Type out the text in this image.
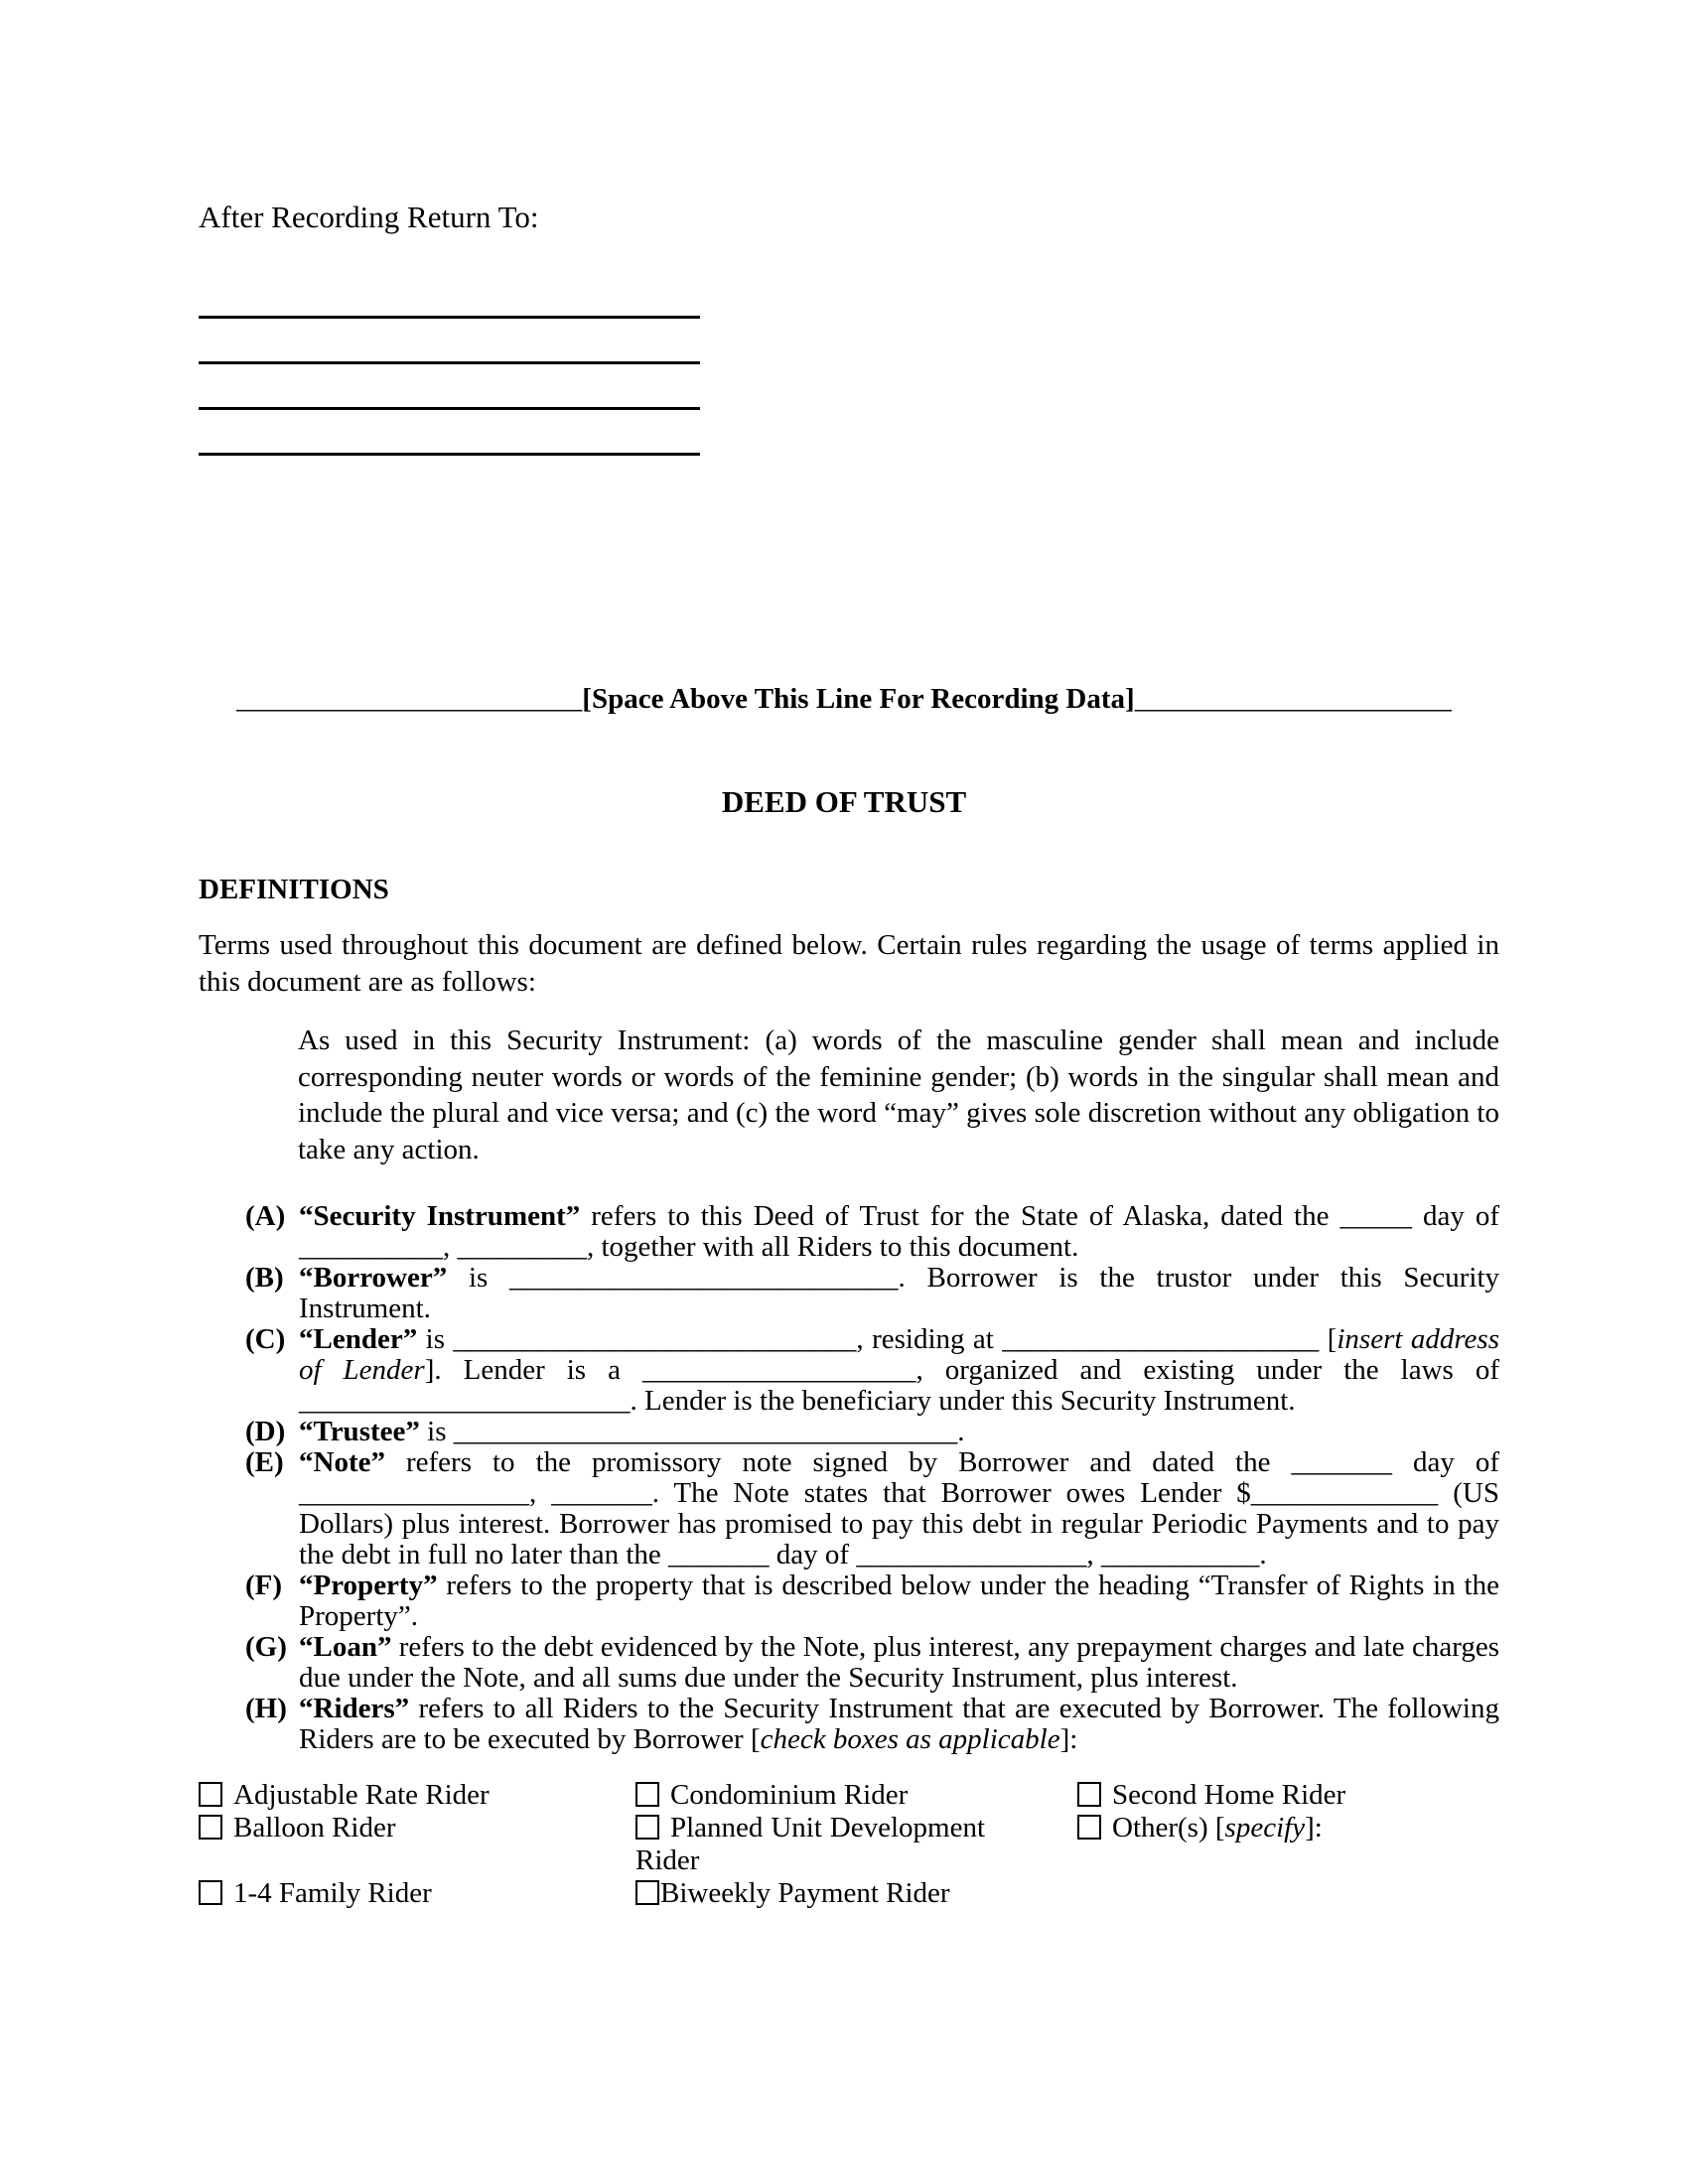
After Recording Return To:
________________________[Space Above This Line For Recording Data]______________________
DEED OF TRUST
DEFINITIONS

Terms used throughout this document are defined below. Certain rules regarding the usage of terms applied in this document are as follows:

As used in this Security Instrument: (a) words of the masculine gender shall mean and include corresponding neuter words or words of the feminine gender; (b) words in the singular shall mean and include the plural and vice versa; and (c) the word “may” gives sole discretion without any obligation to take any action.

(A) “Security Instrument” refers to this Deed of Trust for the State of Alaska, dated the _____ day of __________, _________, together with all Riders to this document.
(B) “Borrower” is ___________________________. Borrower is the trustor under this Security Instrument.
(C) “Lender” is ____________________________, residing at ______________________ [insert address of Lender]. Lender is a ___________________, organized and existing under the laws of _______________________. Lender is the beneficiary under this Security Instrument.
(D) “Trustee” is ___________________________________.
(E) “Note” refers to the promissory note signed by Borrower and dated the _______ day of ________________, _______. The Note states that Borrower owes Lender $_____________ (US Dollars) plus interest. Borrower has promised to pay this debt in regular Periodic Payments and to pay the debt in full no later than the _______ day of ________________, ___________.
(F) “Property” refers to the property that is described below under the heading “Transfer of Rights in the Property”.
(G) “Loan” refers to the debt evidenced by the Note, plus interest, any prepayment charges and late charges due under the Note, and all sums due under the Security Instrument, plus interest.
(H) “Riders” refers to all Riders to the Security Instrument that are executed by Borrower. The following Riders are to be executed by Borrower [check boxes as applicable]:
Adjustable Rate Rider
Balloon Rider
1-4 Family Rider
Condominium Rider
Planned Unit Development Rider
Biweekly Payment Rider
Second Home Rider
Other(s) [specify]:
